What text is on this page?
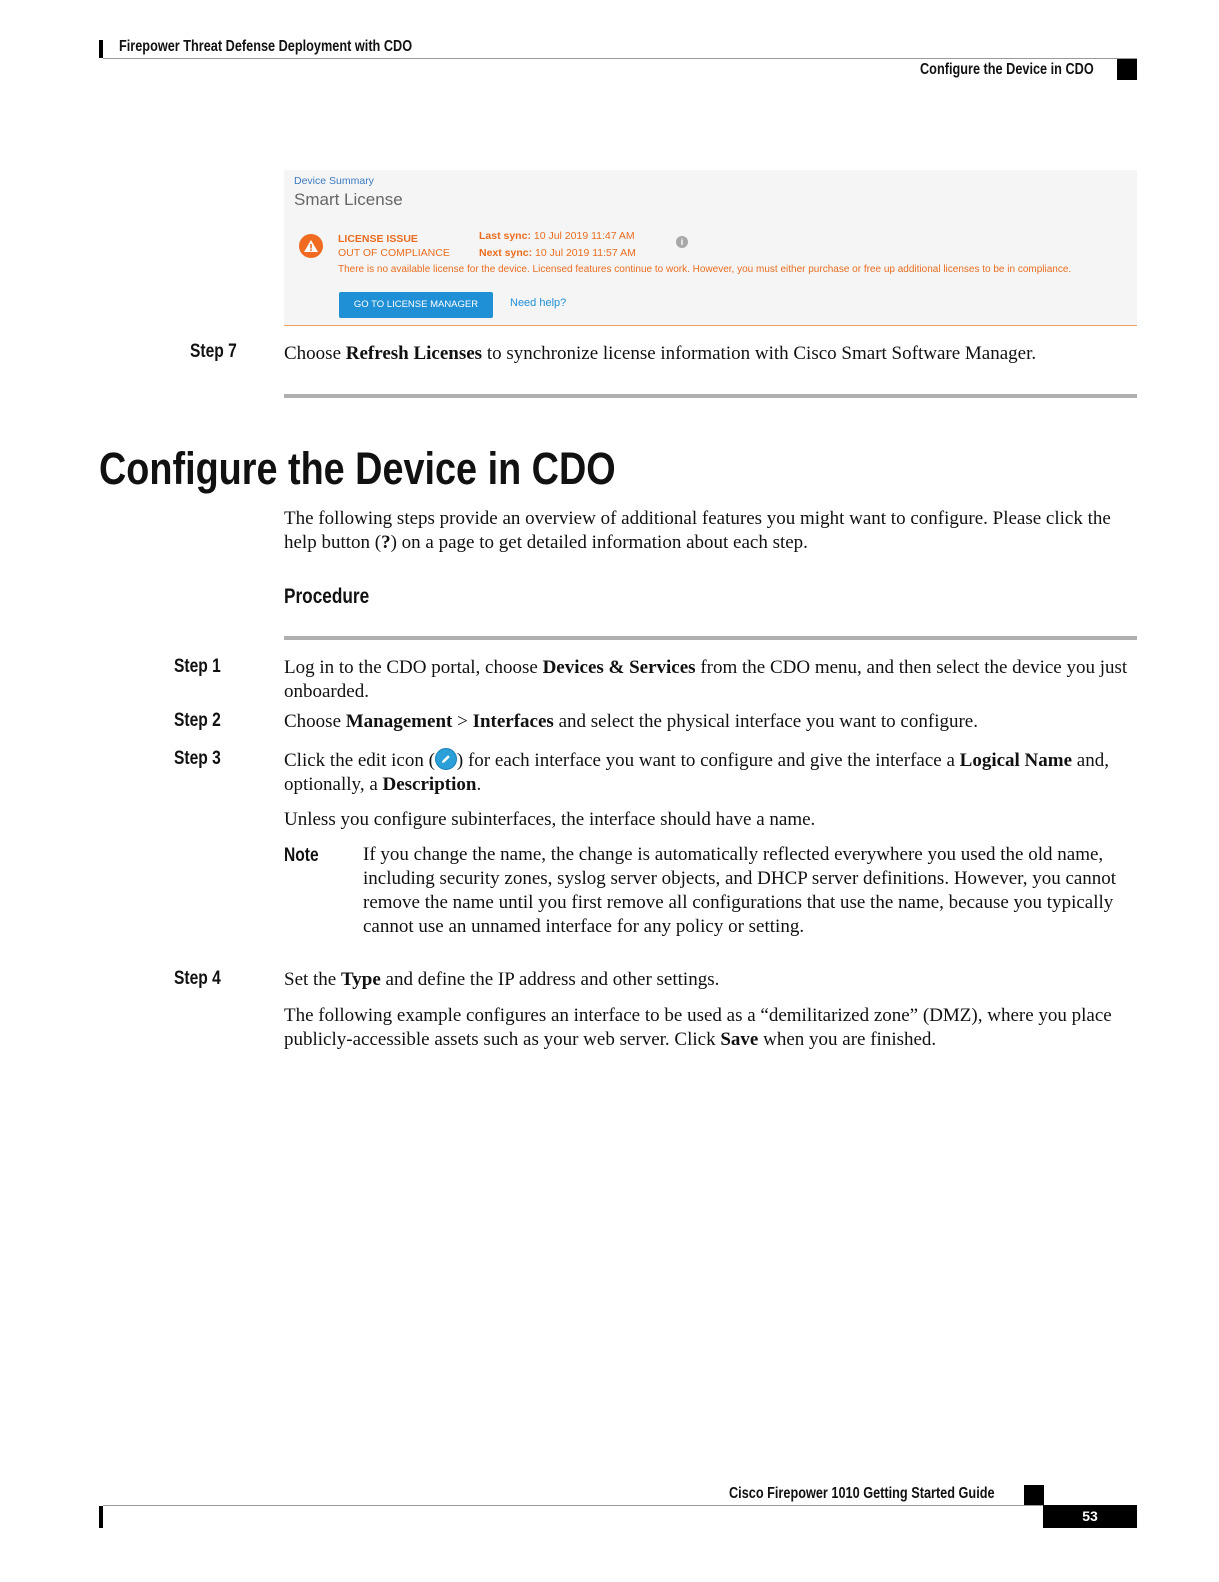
Firepower Threat Defense Deployment with CDO
Configure the Device in CDO
Device Summary
Smart License
LICENSE ISSUE
OUT OF COMPLIANCE
Last sync: 10 Jul 2019 11:47 AM
Next sync: 10 Jul 2019 11:57 AM
i
There is no available license for the device. Licensed features continue to work. However, you must either purchase or free up additional licenses to be in compliance.
GO TO LICENSE MANAGER	Need help?
Step 7	Choose Refresh Licenses to synchronize license information with Cisco Smart Software Manager.
Configure the Device in CDO
The following steps provide an overview of additional features you might want to configure. Please click the help button (?) on a page to get detailed information about each step.
Procedure
Step 1	Log in to the CDO portal, choose Devices & Services from the CDO menu, and then select the device you just onboarded.
Step 2	Choose Management > Interfaces and select the physical interface you want to configure.
Step 3	Click the edit icon ( ) for each interface you want to configure and give the interface a Logical Name and, optionally, a Description.
Unless you configure subinterfaces, the interface should have a name.
Note	If you change the name, the change is automatically reflected everywhere you used the old name, including security zones, syslog server objects, and DHCP server definitions. However, you cannot remove the name until you first remove all configurations that use the name, because you typically cannot use an unnamed interface for any policy or setting.
Step 4	Set the Type and define the IP address and other settings.
The following example configures an interface to be used as a “demilitarized zone” (DMZ), where you place publicly-accessible assets such as your web server. Click Save when you are finished.
Cisco Firepower 1010 Getting Started Guide
53
